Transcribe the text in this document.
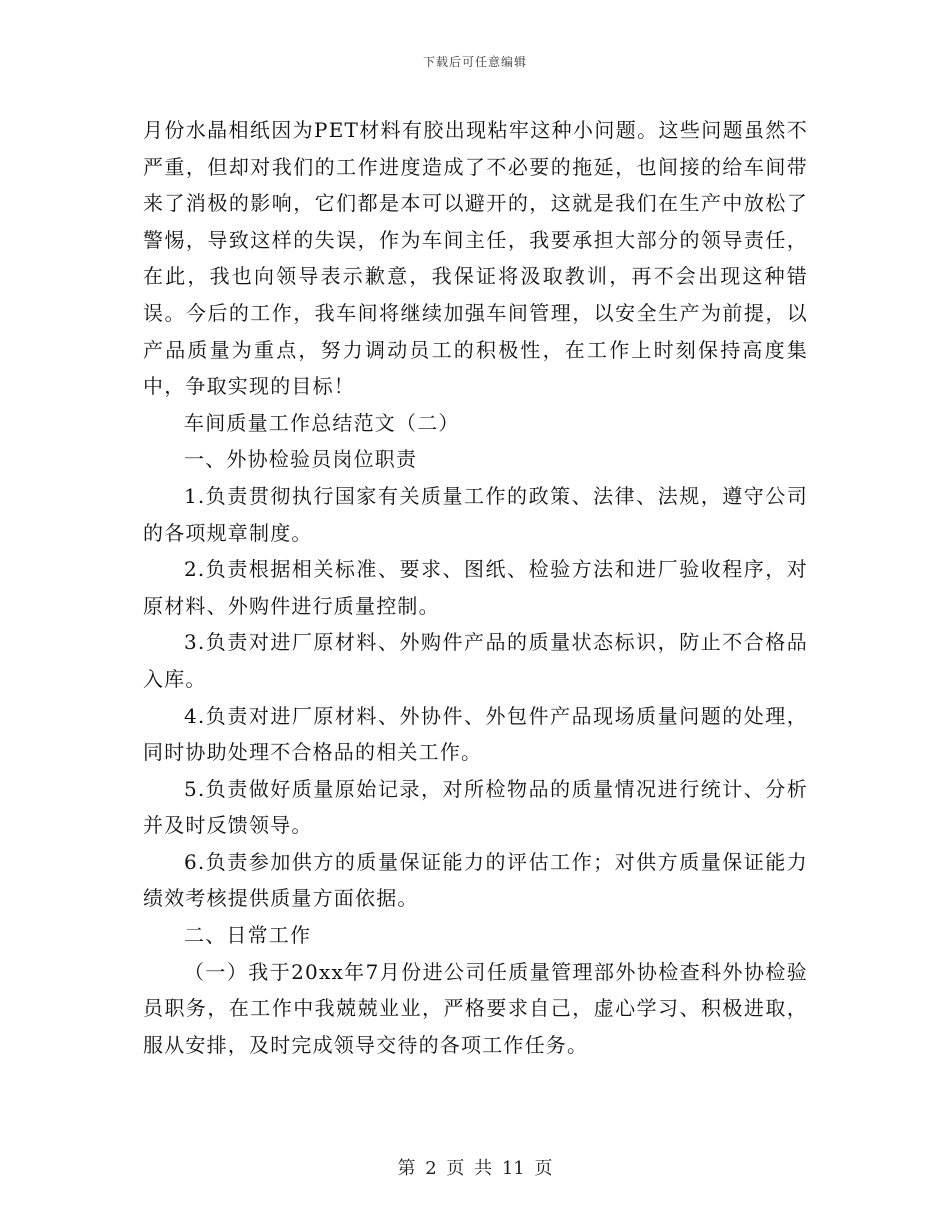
下载后可任意编辑

月份水晶相纸因为PET材料有胶出现粘牢这种小问题。这些问题虽然不严重，但却对我们的工作进度造成了不必要的拖延，也间接的给车间带来了消极的影响，它们都是本可以避开的，这就是我们在生产中放松了警惕，导致这样的失误，作为车间主任，我要承担大部分的领导责任，在此，我也向领导表示歉意，我保证将汲取教训，再不会出现这种错误。今后的工作，我车间将继续加强车间管理，以安全生产为前提，以产品质量为重点，努力调动员工的积极性，在工作上时刻保持高度集中，争取实现的目标！

车间质量工作总结范文（二）

一、外协检验员岗位职责

1.负责贯彻执行国家有关质量工作的政策、法律、法规，遵守公司的各项规章制度。

2.负责根据相关标准、要求、图纸、检验方法和进厂验收程序，对原材料、外购件进行质量控制。

3.负责对进厂原材料、外购件产品的质量状态标识，防止不合格品入库。

4.负责对进厂原材料、外协件、外包件产品现场质量问题的处理，同时协助处理不合格品的相关工作。

5.负责做好质量原始记录，对所检物品的质量情况进行统计、分析并及时反馈领导。

6.负责参加供方的质量保证能力的评估工作；对供方质量保证能力绩效考核提供质量方面依据。

二、日常工作

（一）我于20xx年7月份进公司任质量管理部外协检查科外协检验员职务，在工作中我兢兢业业，严格要求自己，虚心学习、积极进取，服从安排，及时完成领导交待的各项工作任务。

第 2 页 共 11 页
